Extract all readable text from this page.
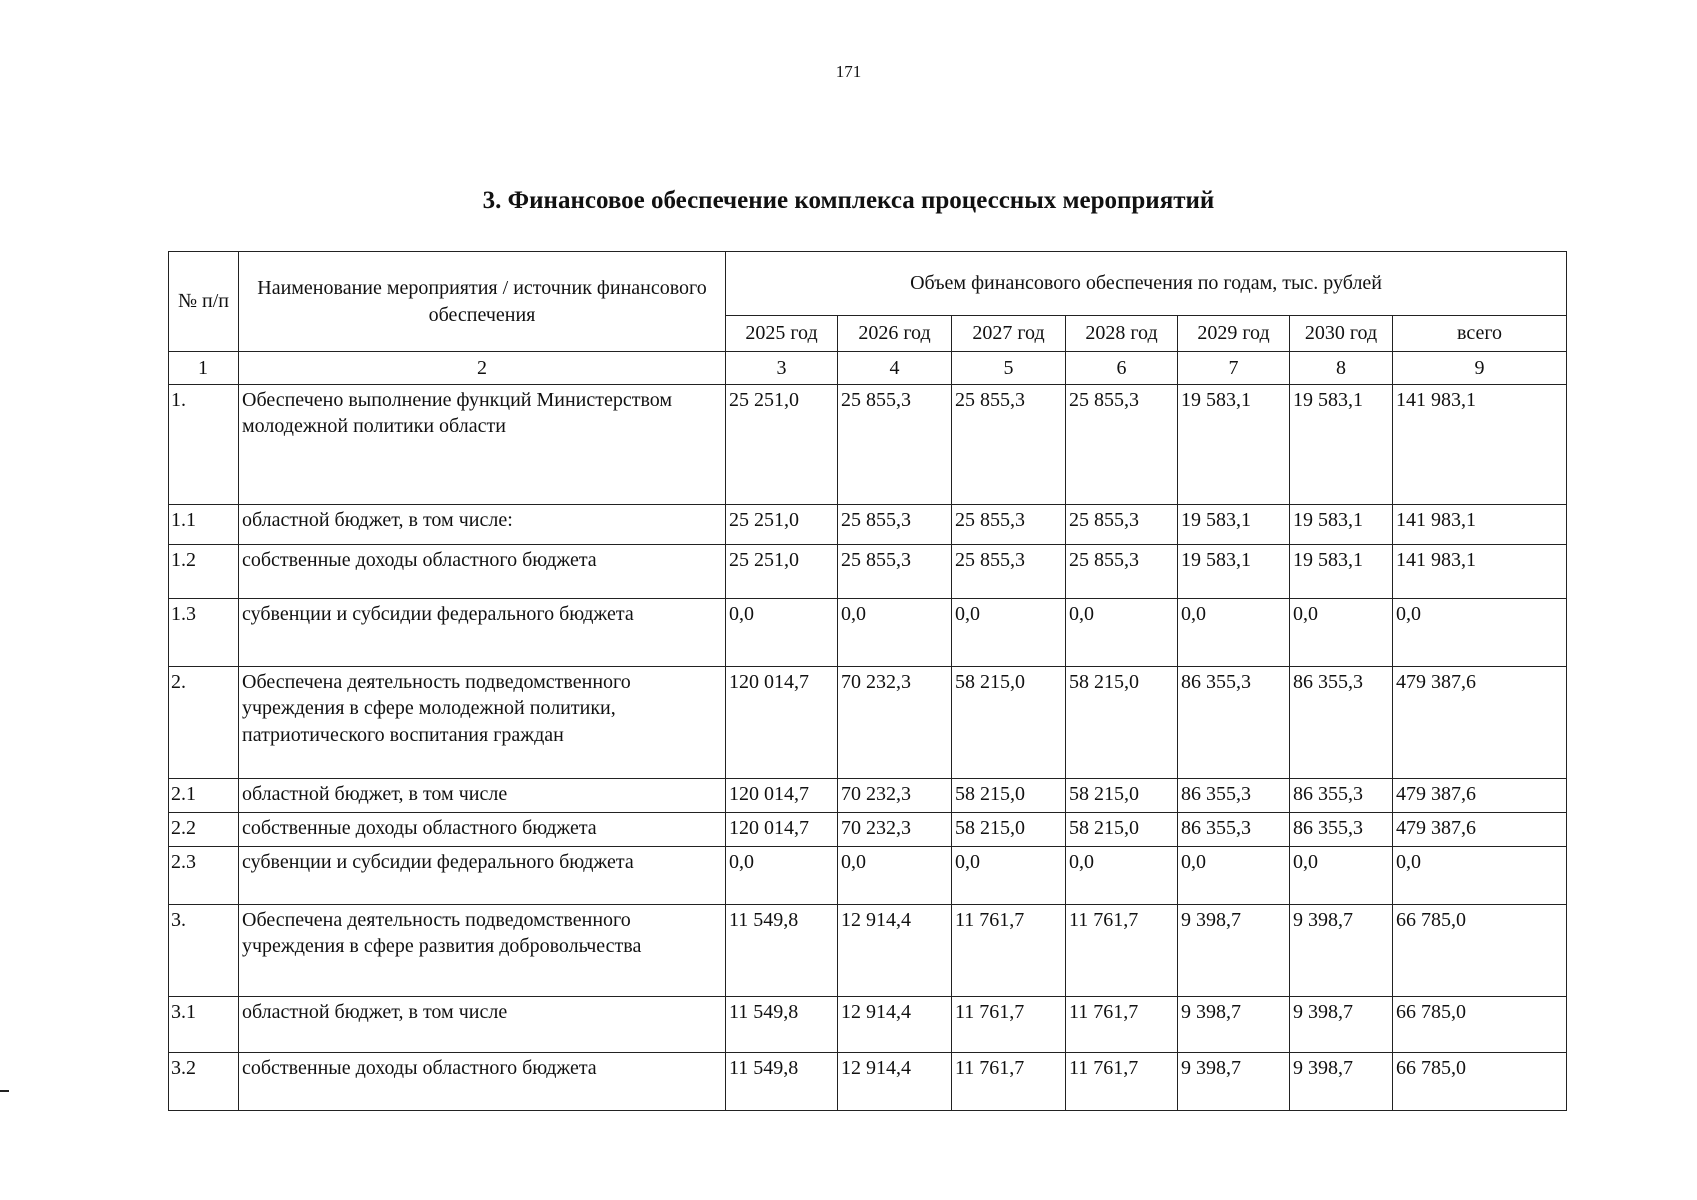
171
3. Финансовое обеспечение комплекса процессных мероприятий
№ п/п	Наименование мероприятия / источник финансового обеспечения	Объем финансового обеспечения по годам, тыс. рублей						
		2025 год	2026 год	2027 год	2028 год	2029 год	2030 год	всего
1	2	3	4	5	6	7	8	9
1.	Обеспечено выполнение функций Министерством молодежной политики области	25 251,0	25 855,3	25 855,3	25 855,3	19 583,1	19 583,1	141 983,1
1.1	областной бюджет, в том числе:	25 251,0	25 855,3	25 855,3	25 855,3	19 583,1	19 583,1	141 983,1
1.2	собственные доходы областного бюджета	25 251,0	25 855,3	25 855,3	25 855,3	19 583,1	19 583,1	141 983,1
1.3	субвенции и субсидии федерального бюджета	0,0	0,0	0,0	0,0	0,0	0,0	0,0
2.	Обеспечена деятельность подведомственного учреждения в сфере молодежной политики, патриотического воспитания граждан	120 014,7	70 232,3	58 215,0	58 215,0	86 355,3	86 355,3	479 387,6
2.1	областной бюджет, в том числе	120 014,7	70 232,3	58 215,0	58 215,0	86 355,3	86 355,3	479 387,6
2.2	собственные доходы областного бюджета	120 014,7	70 232,3	58 215,0	58 215,0	86 355,3	86 355,3	479 387,6
2.3	субвенции и субсидии федерального бюджета	0,0	0,0	0,0	0,0	0,0	0,0	0,0
3.	Обеспечена деятельность подведомственного учреждения в сфере развития добровольчества	11 549,8	12 914,4	11 761,7	11 761,7	9 398,7	9 398,7	66 785,0
3.1	областной бюджет, в том числе	11 549,8	12 914,4	11 761,7	11 761,7	9 398,7	9 398,7	66 785,0
3.2	собственные доходы областного бюджета	11 549,8	12 914,4	11 761,7	11 761,7	9 398,7	9 398,7	66 785,0
